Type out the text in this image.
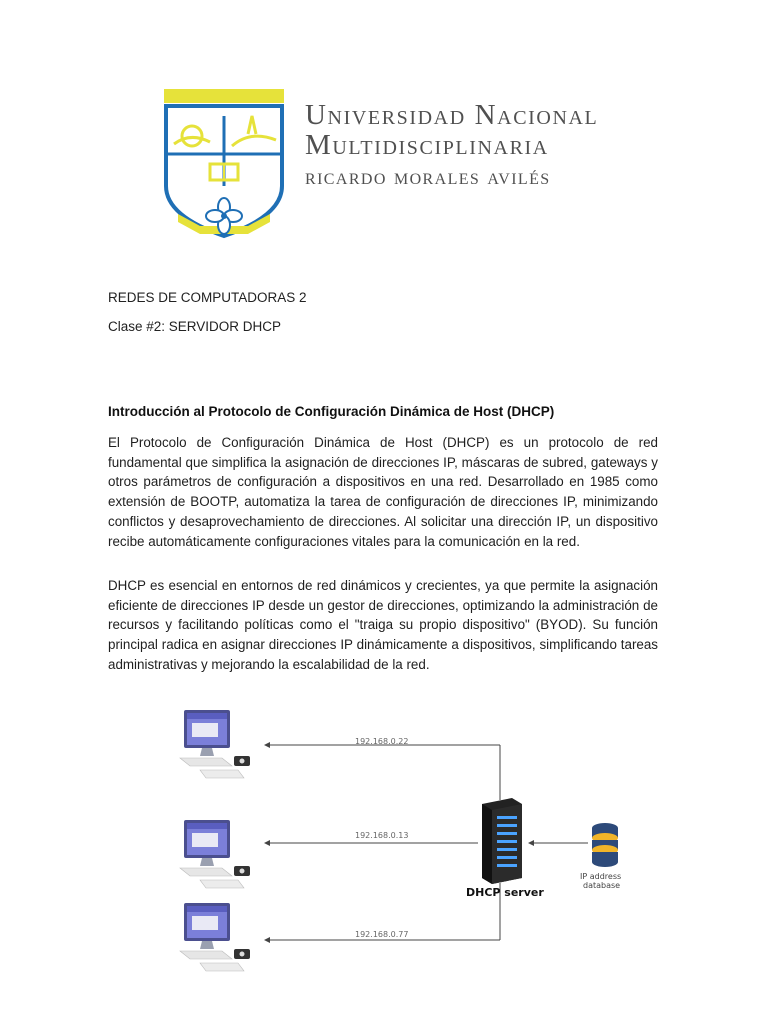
Universidad Nacional
Multidisciplinaria
ricardo morales avilés
REDES DE COMPUTADORAS 2
Clase #2: SERVIDOR DHCP
Introducción al Protocolo de Configuración Dinámica de Host (DHCP)
El Protocolo de Configuración Dinámica de Host (DHCP) es un protocolo de red fundamental que simplifica la asignación de direcciones IP, máscaras de subred, gateways y otros parámetros de configuración a dispositivos en una red. Desarrollado en 1985 como extensión de BOOTP, automatiza la tarea de configuración de direcciones IP, minimizando conflictos y desaprovechamiento de direcciones. Al solicitar una dirección IP, un dispositivo recibe automáticamente configuraciones vitales para la comunicación en la red.
DHCP es esencial en entornos de red dinámicos y crecientes, ya que permite la asignación eficiente de direcciones IP desde un gestor de direcciones, optimizando la administración de recursos y facilitando políticas como el "traiga su propio dispositivo" (BYOD). Su función principal radica en asignar direcciones IP dinámicamente a dispositivos, simplificando tareas administrativas y mejorando la escalabilidad de la red.
192.168.0.22
192.168.0.13
192.168.0.77
DHCP server
IP address
database
